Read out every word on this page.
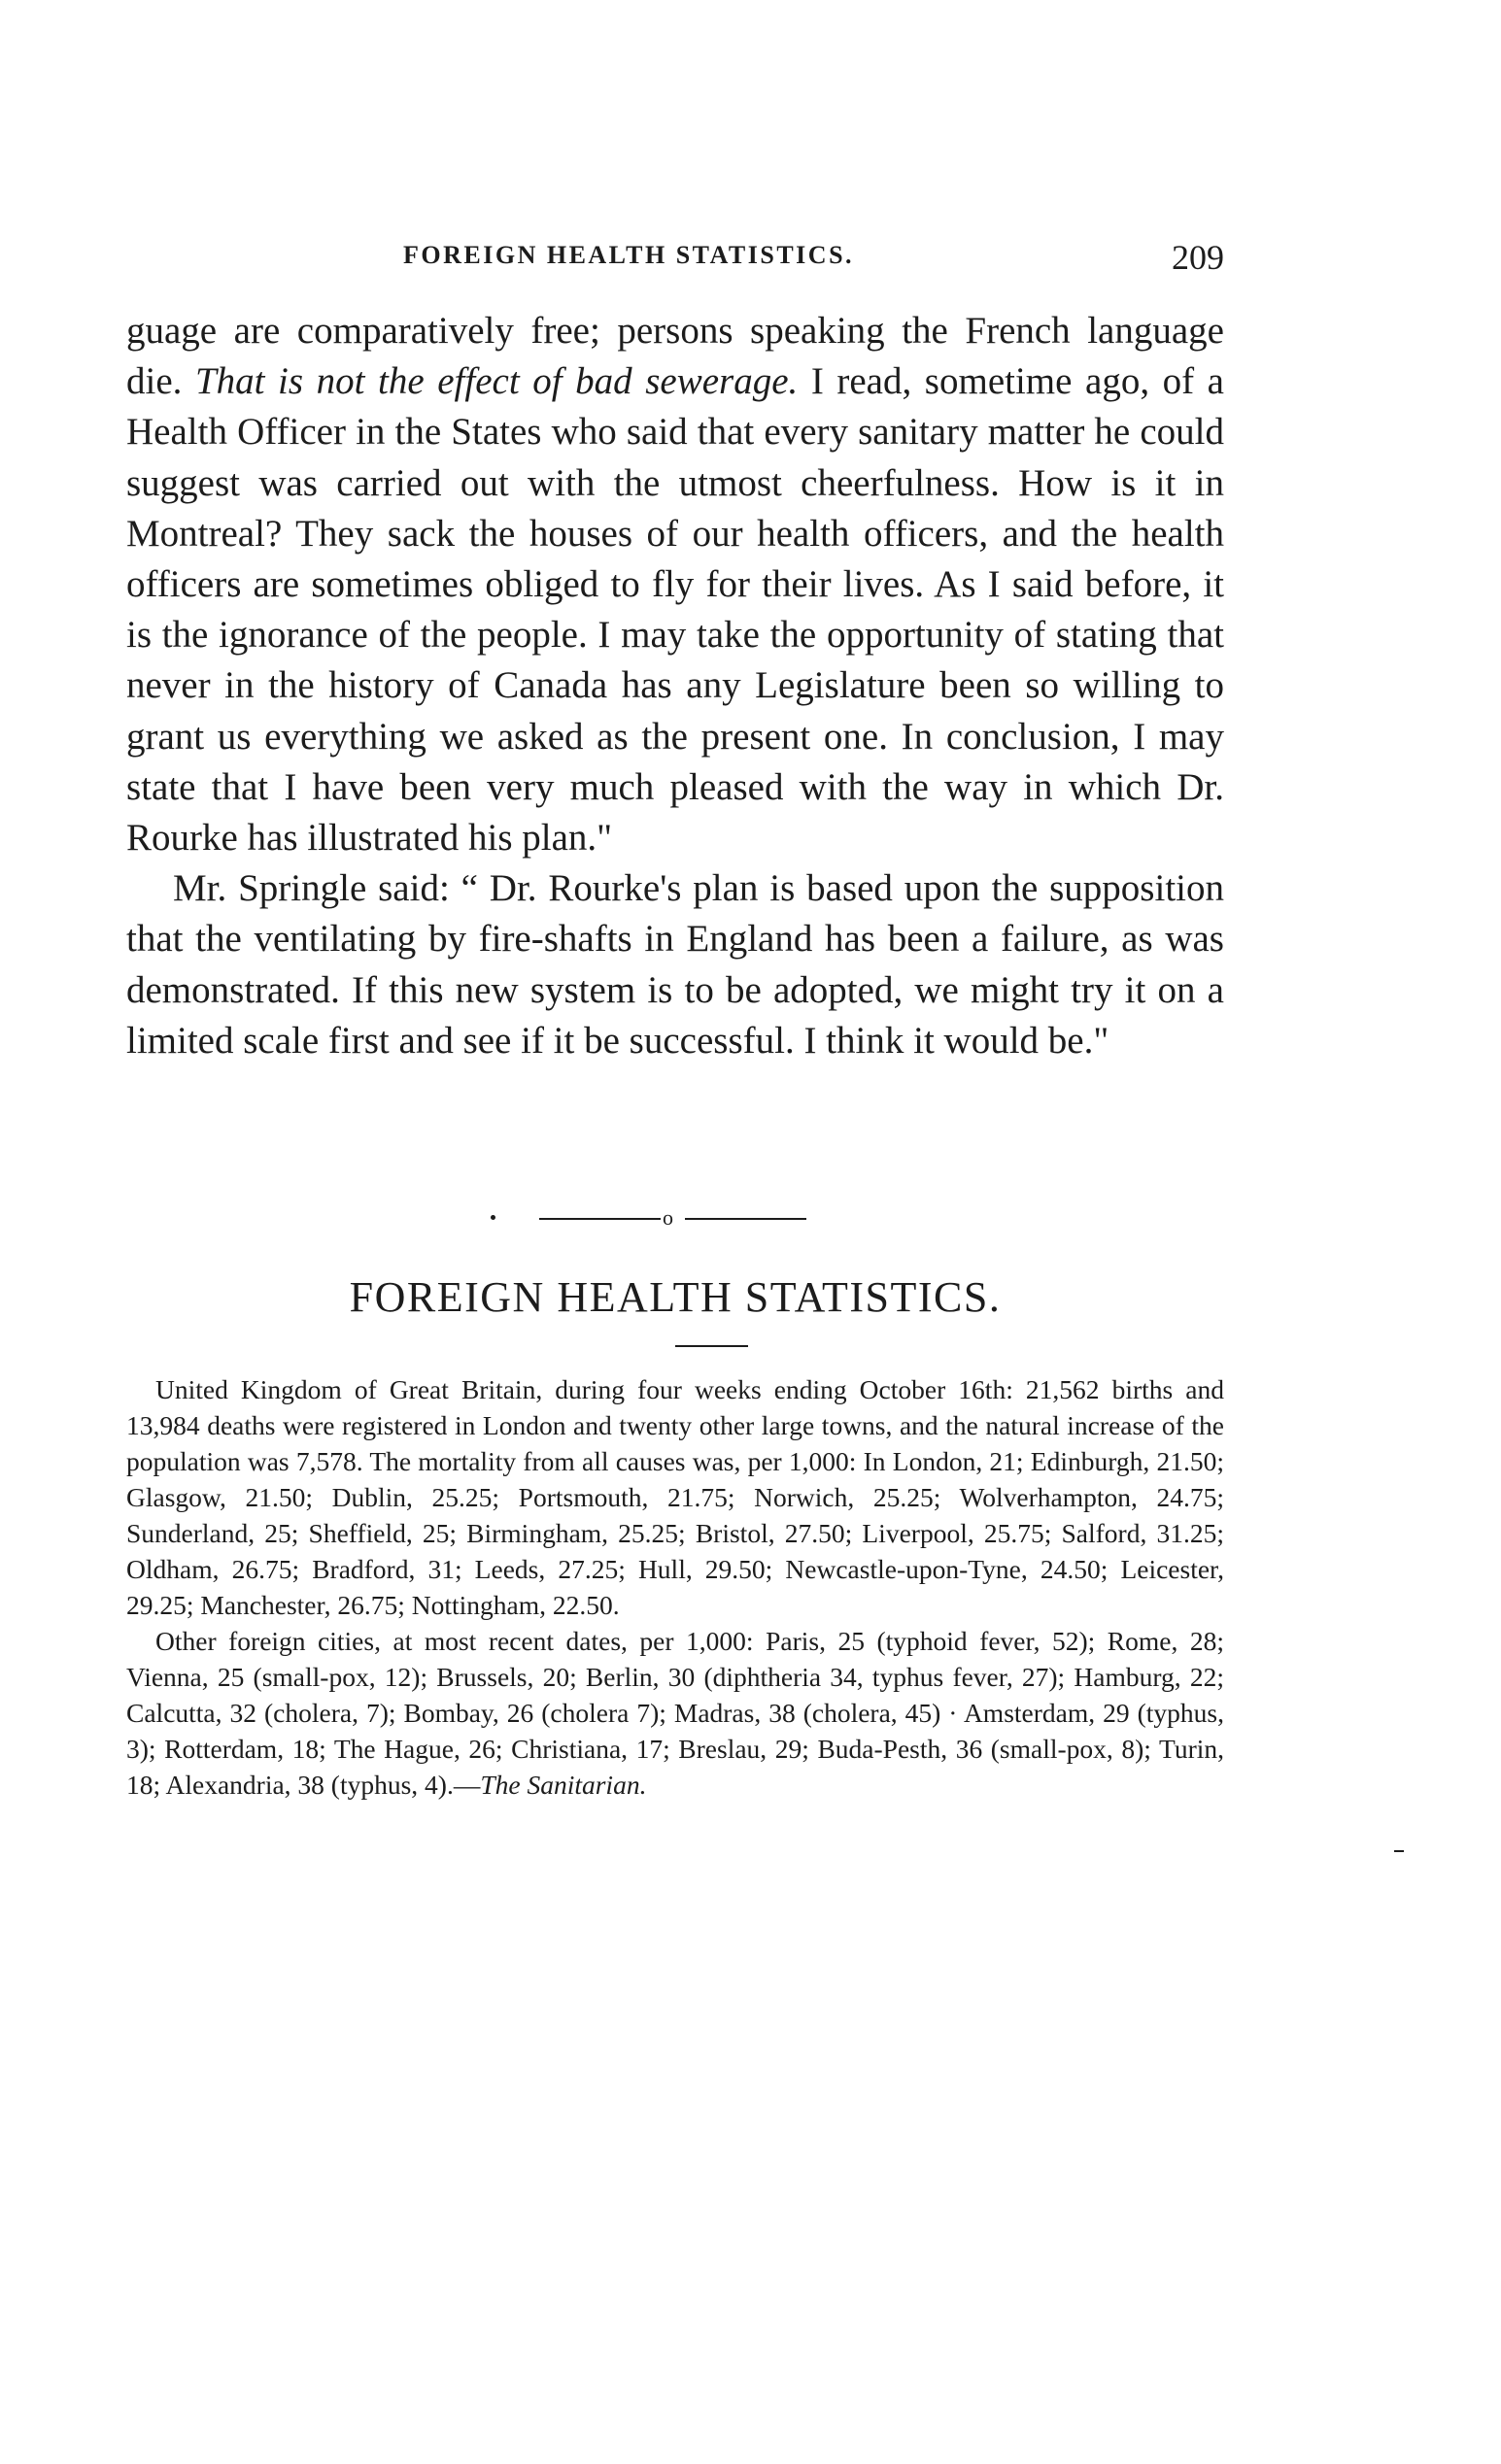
FOREIGN HEALTH STATISTICS.	209

guage are comparatively free; persons speaking the French language die. That is not the effect of bad sewerage. I read, sometime ago, of a Health Officer in the States who said that every sanitary matter he could suggest was carried out with the utmost cheerfulness. How is it in Montreal? They sack the houses of our health officers, and the health officers are sometimes obliged to fly for their lives. As I said before, it is the ignorance of the people. I may take the opportunity of stating that never in the history of Canada has any Legislature been so willing to grant us everything we asked as the present one. In conclusion, I may state that I have been very much pleased with the way in which Dr. Rourke has illustrated his plan."

Mr. Springle said: “ Dr. Rourke's plan is based upon the supposition that the ventilating by fire-shafts in England has been a failure, as was demonstrated. If this new system is to be adopted, we might try it on a limited scale first and see if it be successful. I think it would be."

o
FOREIGN HEALTH STATISTICS.

United Kingdom of Great Britain, during four weeks ending October 16th: 21,562 births and 13,984 deaths were registered in London and twenty other large towns, and the natural increase of the population was 7,578. The mortality from all causes was, per 1,000: In London, 21; Edinburgh, 21.50; Glasgow, 21.50; Dublin, 25.25; Portsmouth, 21.75; Norwich, 25.25; Wolverhampton, 24.75; Sunderland, 25; Sheffield, 25; Birmingham, 25.25; Bristol, 27.50; Liverpool, 25.75; Salford, 31.25; Oldham, 26.75; Bradford, 31; Leeds, 27.25; Hull, 29.50; Newcastle-upon-Tyne, 24.50; Leicester, 29.25; Manchester, 26.75; Nottingham, 22.50.

Other foreign cities, at most recent dates, per 1,000: Paris, 25 (typhoid fever, 52); Rome, 28; Vienna, 25 (small-pox, 12); Brussels, 20; Berlin, 30 (diphtheria 34, typhus fever, 27); Hamburg, 22; Calcutta, 32 (cholera, 7); Bombay, 26 (cholera 7); Madras, 38 (cholera, 45) · Amsterdam, 29 (typhus, 3); Rotterdam, 18; The Hague, 26; Christiana, 17; Breslau, 29; Buda-Pesth, 36 (small-pox, 8); Turin, 18; Alexandria, 38 (typhus, 4).—The Sanitarian.
